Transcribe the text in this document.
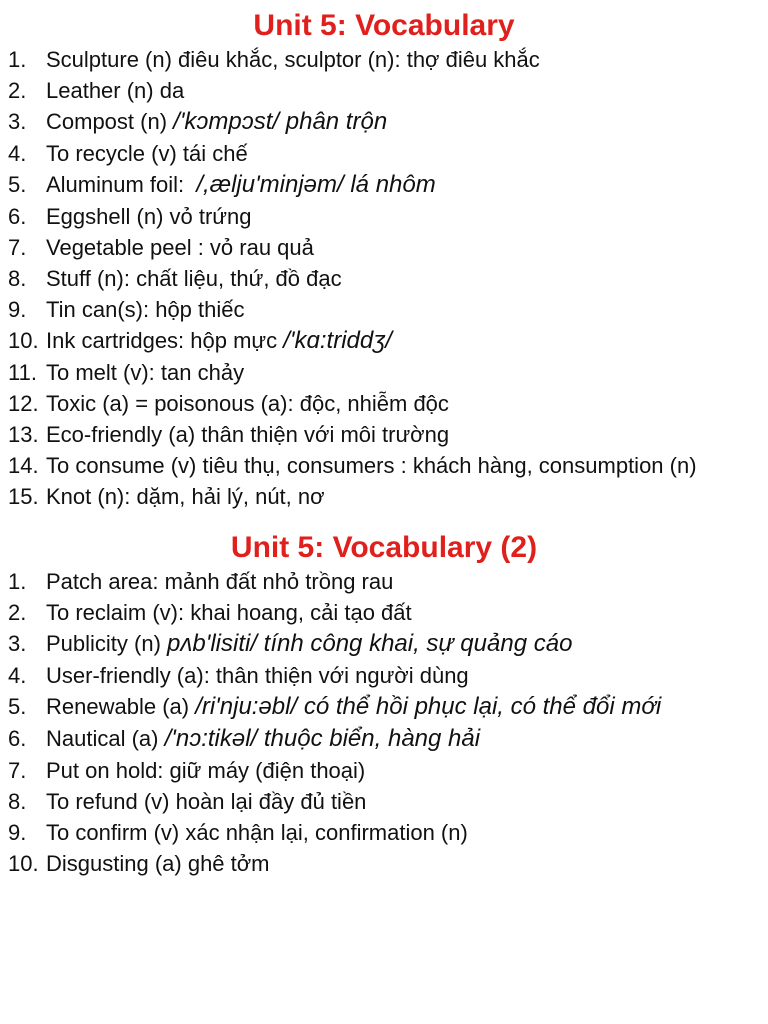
Unit 5: Vocabulary
1. Sculpture (n) điêu khắc, sculptor (n): thợ điêu khắc
2. Leather (n) da
3. Compost (n) /'kɔmpɔst/ phân trộn
4. To recycle (v) tái chế
5. Aluminum foil:  /,ælju'minjəm/ lá nhôm
6. Eggshell (n) vỏ trứng
7. Vegetable peel : vỏ rau quả
8. Stuff (n): chất liệu, thứ, đồ đạc
9. Tin can(s): hộp thiếc
10. Ink cartridges: hộp mực /'kɑ:triddʒ/
11. To melt (v): tan chảy
12. Toxic (a) = poisonous (a): độc, nhiễm độc
13. Eco-friendly (a) thân thiện với môi trường
14. To consume (v) tiêu thụ, consumers : khách hàng, consumption (n)
15. Knot (n): dặm, hải lý, nút, nơ
Unit 5: Vocabulary (2)
1. Patch area: mảnh đất nhỏ trồng rau
2. To reclaim (v): khai hoang, cải tạo đất
3. Publicity (n) pʌb'lisiti/ tính công khai, sự quảng cáo
4. User-friendly (a): thân thiện với người dùng
5. Renewable (a) /ri'nju:əbl/ có thể hồi phục lại, có thể đổi mới
6. Nautical (a) /'nɔ:tikəl/ thuộc biển, hàng hải
7. Put on hold: giữ máy (điện thoại)
8. To refund (v) hoàn lại đầy đủ tiền
9. To confirm (v) xác nhận lại, confirmation (n)
10. Disgusting (a) ghê tởm
